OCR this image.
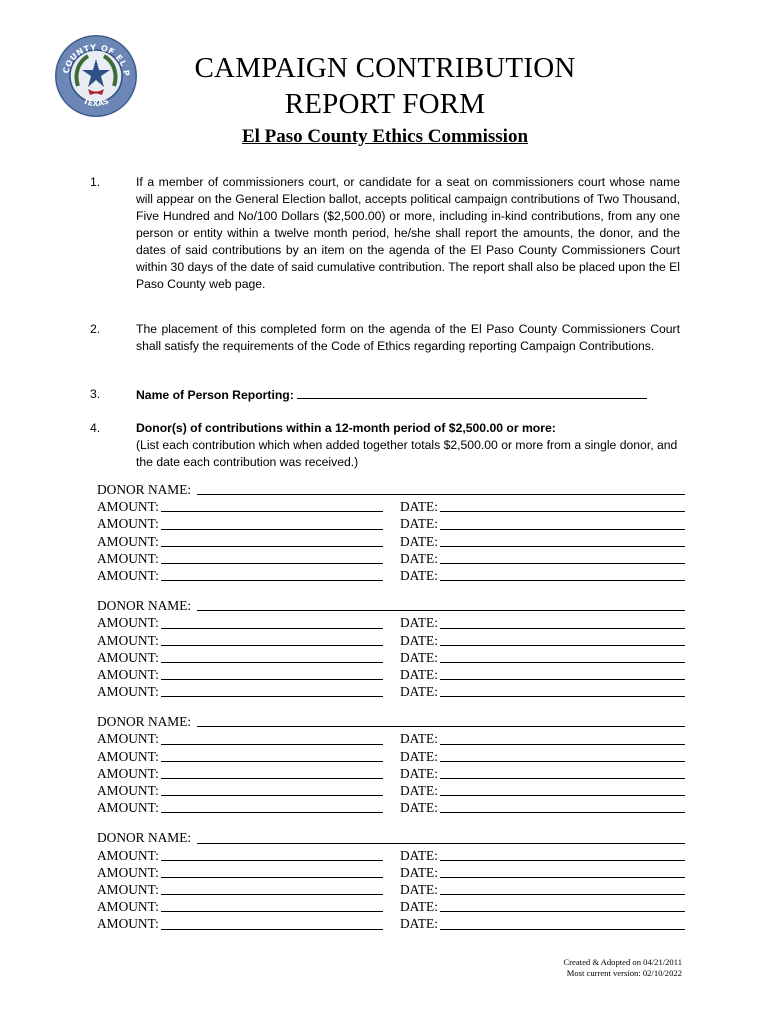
COUNTY OF EL P
TEXAS
CAMPAIGN CONTRIBUTION
REPORT FORM
El Paso County Ethics Commission
1.	If a member of commissioners court, or candidate for a seat on commissioners court whose name will appear on the General Election ballot, accepts political campaign contributions of Two Thousand, Five Hundred and No/100 Dollars ($2,500.00) or more, including in-kind contributions, from any one person or entity within a twelve month period, he/she shall report the amounts, the donor, and the dates of said contributions by an item on the agenda of the El Paso County Commissioners Court within 30 days of the date of said cumulative contribution. The report shall also be placed upon the El Paso County web page.
2.	The placement of this completed form on the agenda of the El Paso County Commissioners Court shall satisfy the requirements of the Code of Ethics regarding reporting Campaign Contributions.
3.	Name of Person Reporting:
4.	Donor(s) of contributions within a 12-month period of $2,500.00 or more:
(List each contribution which when added together totals $2,500.00 or more from a single donor, and the date each contribution was received.)
DONOR NAME:
AMOUNT:	DATE:
AMOUNT:	DATE:
AMOUNT:	DATE:
AMOUNT:	DATE:
AMOUNT:	DATE:
DONOR NAME:
AMOUNT:	DATE:
AMOUNT:	DATE:
AMOUNT:	DATE:
AMOUNT:	DATE:
AMOUNT:	DATE:
DONOR NAME:
AMOUNT:	DATE:
AMOUNT:	DATE:
AMOUNT:	DATE:
AMOUNT:	DATE:
AMOUNT:	DATE:
DONOR NAME:
AMOUNT:	DATE:
AMOUNT:	DATE:
AMOUNT:	DATE:
AMOUNT:	DATE:
AMOUNT:	DATE:
Created & Adopted on 04/21/2011
Most current version: 02/10/2022
